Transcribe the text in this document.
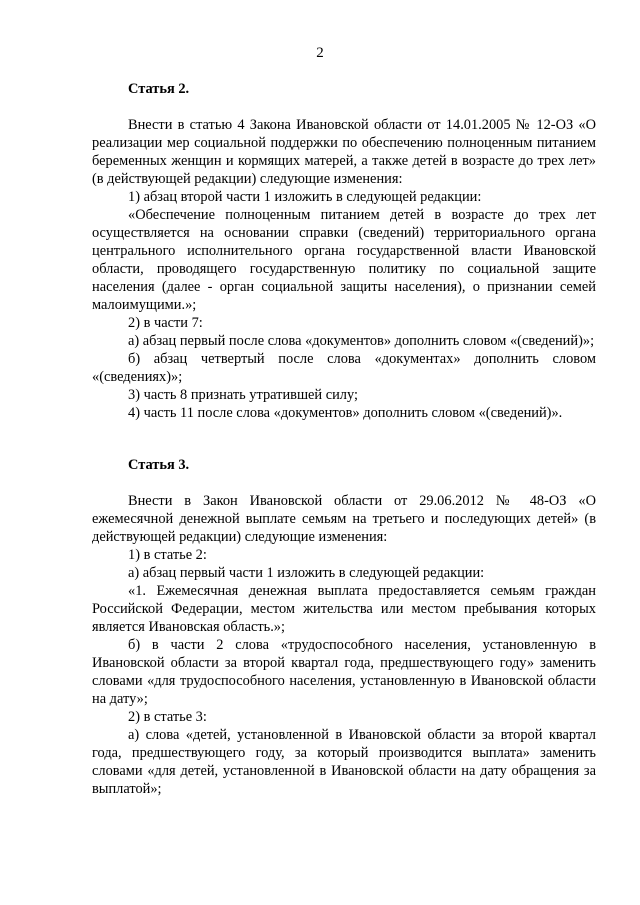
2

Статья 2.

Внести в статью 4 Закона Ивановской области от 14.01.2005 № 12-ОЗ «О реализации мер социальной поддержки по обеспечению полноценным питанием беременных женщин и кормящих матерей, а также детей в возрасте до трех лет» (в действующей редакции) следующие изменения:

1) абзац второй части 1 изложить в следующей редакции:

«Обеспечение полноценным питанием детей в возрасте до трех лет осуществляется на основании справки (сведений) территориального органа центрального исполнительного органа государственной власти Ивановской области, проводящего государственную политику по социальной защите населения (далее - орган социальной защиты населения), о признании семей малоимущими.»;

2) в части 7:

а) абзац первый после слова «документов» дополнить словом «(сведений)»;

б) абзац четвертый после слова «документах» дополнить словом «(сведениях)»;

3) часть 8 признать утратившей силу;

4) часть 11 после слова «документов» дополнить словом «(сведений)».

Статья 3.

Внести в Закон Ивановской области от 29.06.2012 № 48-ОЗ «О ежемесячной денежной выплате семьям на третьего и последующих детей» (в действующей редакции) следующие изменения:

1) в статье 2:

а) абзац первый части 1 изложить в следующей редакции:

«1. Ежемесячная денежная выплата предоставляется семьям граждан Российской Федерации, местом жительства или местом пребывания которых является Ивановская область.»;

б) в части 2 слова «трудоспособного населения, установленную в Ивановской области за второй квартал года, предшествующего году» заменить словами «для трудоспособного населения, установленную в Ивановской области на дату»;

2) в статье 3:

а) слова «детей, установленной в Ивановской области за второй квартал года, предшествующего году, за который производится выплата» заменить словами «для детей, установленной в Ивановской области на дату обращения за выплатой»;
